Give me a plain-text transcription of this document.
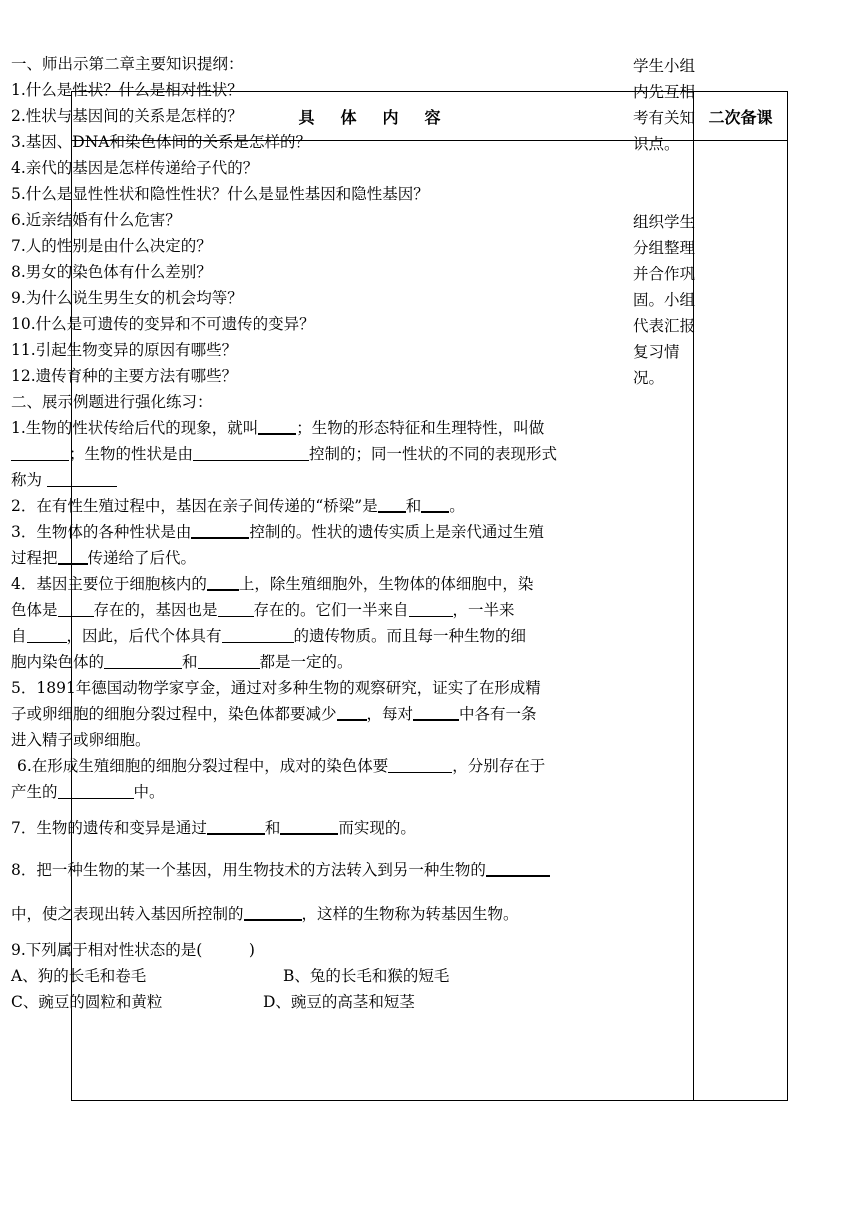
具体内容	二次备课
一、师出示第二章主要知识提纲：
1.什么是性状？什么是相对性状？
2.性状与基因间的关系是怎样的？
3.基因、DNA和染色体间的关系是怎样的？
4.亲代的基因是怎样传递给子代的？
5.什么是显性性状和隐性性状？什么是显性基因和隐性基因？
6.近亲结婚有什么危害？
7.人的性别是由什么决定的？
8.男女的染色体有什么差别？
9.为什么说生男生女的机会均等？
10.什么是可遗传的变异和不可遗传的变异？
11.引起生物变异的原因有哪些？
12.遗传育种的主要方法有哪些？
二、展示例题进行强化练习：
1.生物的性状传给后代的现象，就叫 ；生物的形态特征和生理特性，叫做
；生物的性状是由	控制的；同一性状的不同的表现形式
称为
2．在有性生殖过程中，基因在亲子间传递的“桥梁”是 和 。
3．生物体的各种性状是由	控制的。性状的遗传实质上是亲代通过生殖
过程把 传递给了后代。
4．基因主要位于细胞核内的 上，除生殖细胞外，生物体的体细胞中，染
色体是 存在的，基因也是 存在的。它们一半来自	，一半来
自	，因此，后代个体具有	的遗传物质。而且每一种生物的细
胞内染色体的	和	都是一定的。
5．1891年德国动物学家亨金，通过对多种生物的观察研究，证实了在形成精
子或卵细胞的细胞分裂过程中，染色体都要减少 ，每对	中各有一条
进入精子或卵细胞。
6.在形成生殖细胞的细胞分裂过程中，成对的染色体要	，分别存在于
产生的	中。
7．生物的遗传和变异是通过	和	而实现的。
8．把一种生物的某一个基因，用生物技术的方法转入到另一种生物的
中，使之表现出转入基因所控制的	，这样的生物称为转基因生物。
9.下列属于相对性状态的是(　　　)
A、狗的长毛和卷毛	B、兔的长毛和猴的短毛
C、豌豆的圆粒和黄粒	D、豌豆的高茎和短茎
学生小组
内先互相
考有关知
识点。
组织学生
分组整理
并合作巩
固。小组
代表汇报
复习情
况。
